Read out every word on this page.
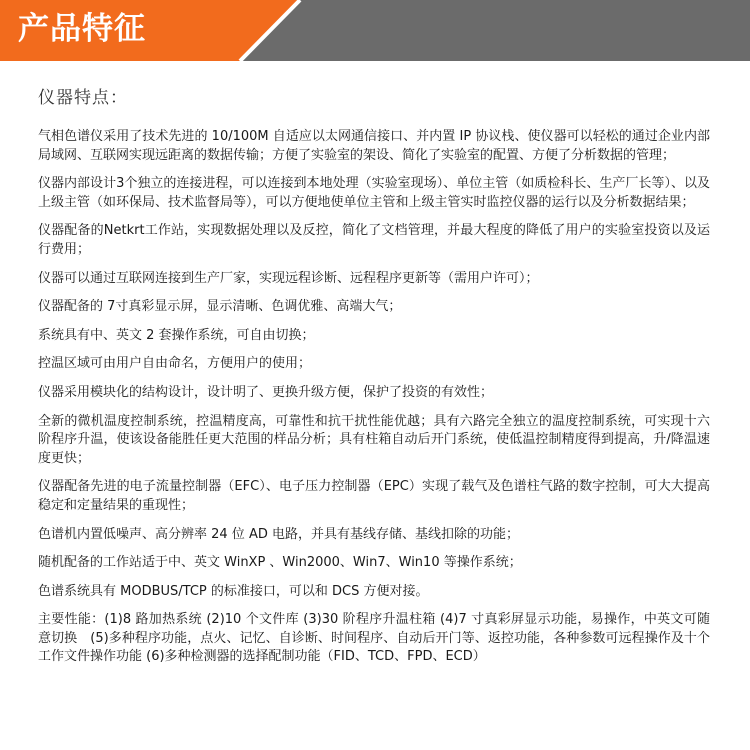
产品特征
仪器特点：

气相色谱仪采用了技术先进的 10/100M 自适应以太网通信接口、并内置 IP 协议栈、使仪器可以轻松的通过企业内部局域网、互联网实现远距离的数据传输；方便了实验室的架设、简化了实验室的配置、方便了分析数据的管理；

仪器内部设计3个独立的连接进程，可以连接到本地处理（实验室现场）、单位主管（如质检科长、生产厂长等）、以及上级主管（如环保局、技术监督局等），可以方便地使单位主管和上级主管实时监控仪器的运行以及分析数据结果；

仪器配备的Netkrt工作站，实现数据处理以及反控，简化了文档管理，并最大程度的降低了用户的实验室投资以及运行费用；

仪器可以通过互联网连接到生产厂家，实现远程诊断、远程程序更新等（需用户许可）；

仪器配备的 7寸真彩显示屏，显示清晰、色调优雅、高端大气；

系统具有中、英文 2 套操作系统，可自由切换；

控温区域可由用户自由命名，方便用户的使用；

仪器采用模块化的结构设计，设计明了、更换升级方便，保护了投资的有效性；

全新的微机温度控制系统，控温精度高，可靠性和抗干扰性能优越；具有六路完全独立的温度控制系统，可实现十六阶程序升温，使该设备能胜任更大范围的样品分析；具有柱箱自动后开门系统，使低温控制精度得到提高，升/降温速度更快；

仪器配备先进的电子流量控制器（EFC）、电子压力控制器（EPC）实现了载气及色谱柱气路的数字控制，可大大提高稳定和定量结果的重现性；

色谱机内置低噪声、高分辨率 24 位 AD 电路，并具有基线存储、基线扣除的功能；

随机配备的工作站适于中、英文 WinXP 、Win2000、Win7、Win10 等操作系统；

色谱系统具有 MODBUS/TCP 的标准接口，可以和 DCS 方便对接。

主要性能：(1)8 路加热系统 (2)10 个文件库 (3)30 阶程序升温柱箱 (4)7 寸真彩屏显示功能，易操作，中英文可随意切换　(5)多种程序功能，点火、记忆、自诊断、时间程序、自动后开门等、返控功能，各种参数可远程操作及十个工作文件操作功能 (6)多种检测器的选择配制功能（FID、TCD、FPD、ECD）
